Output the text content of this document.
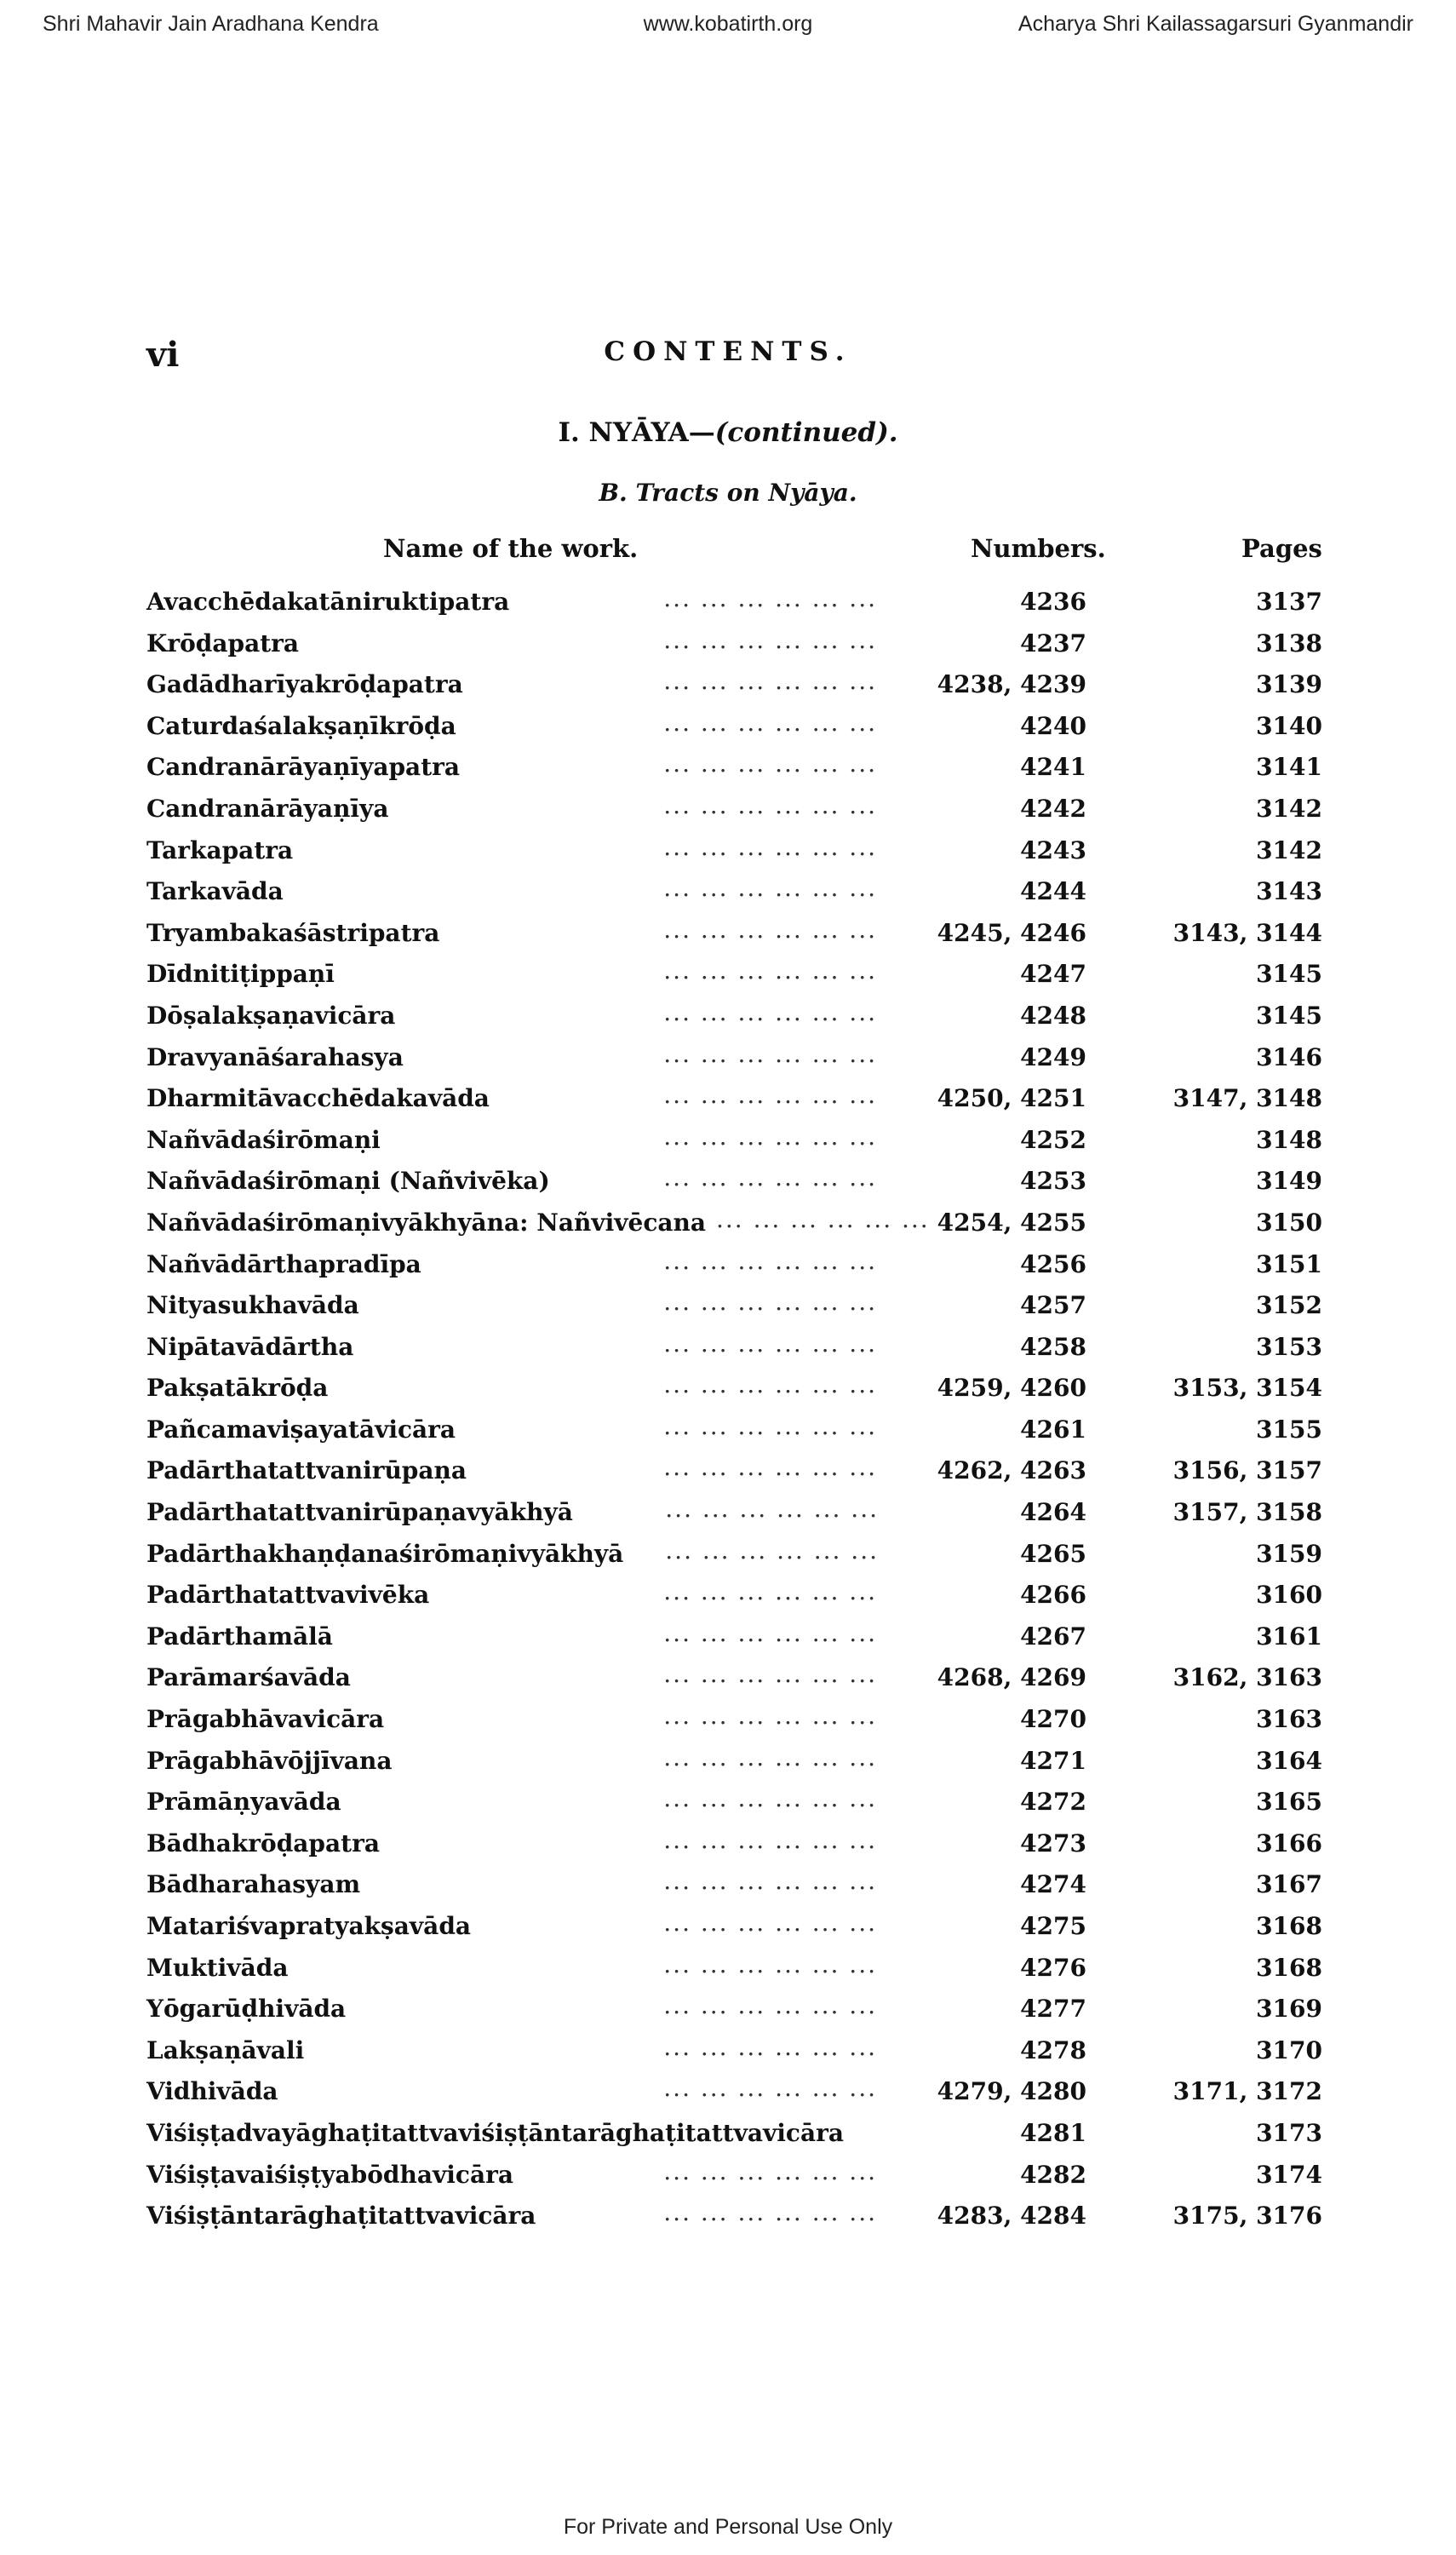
Shri Mahavir Jain Aradhana Kendra	www.kobatirth.org	Acharya Shri Kailassagarsuri Gyanmandir
vi	CONTENTS.
I. NYĀYA—(continued).
B. Tracts on Nyāya.
Name of the work.	Numbers.	Pages
... ... ... ... ... ...
Avacchēdakatāniruktipatra	4236	3137
... ... ... ... ... ...
Krōḍapatra	4237	3138
... ... ... ... ... ...
Gadādharīyakrōḍapatra	4238, 4239	3139
... ... ... ... ... ...
Caturdaśalakṣaṇīkrōḍa	4240	3140
... ... ... ... ... ...
Candranārāyaṇīyapatra	4241	3141
... ... ... ... ... ...
Candranārāyaṇīya	4242	3142
... ... ... ... ... ...
Tarkapatra	4243	3142
... ... ... ... ... ...
Tarkavāda	4244	3143
... ... ... ... ... ...
Tryambakaśāstripatra	4245, 4246	3143, 3144
... ... ... ... ... ...
Dīdnitiṭippaṇī	4247	3145
... ... ... ... ... ...
Dōṣalakṣaṇavicāra	4248	3145
... ... ... ... ... ...
Dravyanāśarahasya	4249	3146
... ... ... ... ... ...
Dharmitāvacchēdakavāda	4250, 4251	3147, 3148
... ... ... ... ... ...
Nañvādaśirōmaṇi	4252	3148
... ... ... ... ... ...
Nañvādaśirōmaṇi (Nañvivēka)	4253	3149
... ... ... ... ... ...
Nañvādaśirōmaṇivyākhyāna: Nañvivēcana	4254, 4255	3150
... ... ... ... ... ...
Nañvādārthapradīpa	4256	3151
... ... ... ... ... ...
Nityasukhavāda	4257	3152
... ... ... ... ... ...
Nipātavādārtha	4258	3153
... ... ... ... ... ...
Pakṣatākrōḍa	4259, 4260	3153, 3154
... ... ... ... ... ...
Pañcamaviṣayatāvicāra	4261	3155
... ... ... ... ... ...
Padārthatattvanirūpaṇa	4262, 4263	3156, 3157
... ... ... ... ... ...
Padārthatattvanirūpaṇavyākhyā	4264	3157, 3158
... ... ... ... ... ...
Padārthakhaṇḍanaśirōmaṇivyākhyā	4265	3159
... ... ... ... ... ...
Padārthatattvavivēka	4266	3160
... ... ... ... ... ...
Padārthamālā	4267	3161
... ... ... ... ... ...
Parāmarśavāda	4268, 4269	3162, 3163
... ... ... ... ... ...
Prāgabhāvavicāra	4270	3163
... ... ... ... ... ...
Prāgabhāvōjjīvana	4271	3164
... ... ... ... ... ...
Prāmāṇyavāda	4272	3165
... ... ... ... ... ...
Bādhakrōḍapatra	4273	3166
... ... ... ... ... ...
Bādharahasyam	4274	3167
... ... ... ... ... ...
Matariśvapratyakṣavāda	4275	3168
... ... ... ... ... ...
Muktivāda	4276	3168
... ... ... ... ... ...
Yōgarūḍhivāda	4277	3169
... ... ... ... ... ...
Lakṣaṇāvali	4278	3170
... ... ... ... ... ...
Vidhivāda	4279, 4280	3171, 3172
Viśiṣṭadvayāghaṭitattvaviśiṣṭāntarāghaṭitattvavicāra	4281	3173
... ... ... ... ... ...
Viśiṣṭavaiśiṣṭyabōdhavicāra	4282	3174
... ... ... ... ... ...
Viśiṣṭāntarāghaṭitattvavicāra	4283, 4284	3175, 3176
For Private and Personal Use Only
